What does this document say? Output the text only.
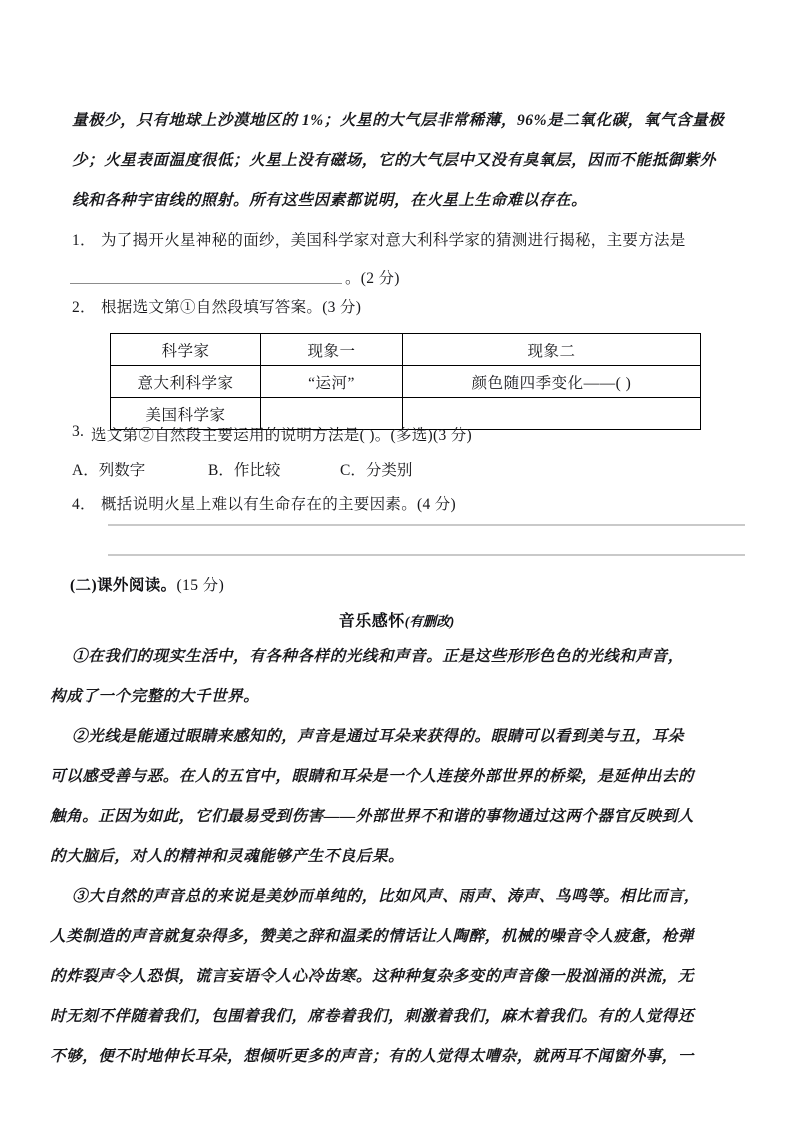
量极少，只有地球上沙漠地区的 1%；火星的大气层非常稀薄，96%是二氧化碳，氧气含量极
少；火星表面温度很低；火星上没有磁场，它的大气层中又没有臭氧层，因而不能抵御紫外
线和各种宇宙线的照射。所有这些因素都说明，在火星上生命难以存在。
1． 为了揭开火星神秘的面纱，美国科学家对意大利科学家的猜测进行揭秘，主要方法是
。(2 分)
2． 根据选文第①自然段填写答案。(3 分)
科学家	现象一	现象二
意大利科学家	“运河”	颜色随四季变化——( )
美国科学家		
3. 选文第②自然段主要运用的说明方法是( )。(多选)(3 分)
A．列数字	B．作比较	C．分类别
4． 概括说明火星上难以有生命存在的主要因素。(4 分)
(二)课外阅读。(15 分)
音乐感怀(有删改)
①在我们的现实生活中，有各种各样的光线和声音。正是这些形形色色的光线和声音，
构成了一个完整的大千世界。
②光线是能通过眼睛来感知的，声音是通过耳朵来获得的。眼睛可以看到美与丑，耳朵
可以感受善与恶。在人的五官中，眼睛和耳朵是一个人连接外部世界的桥梁，是延伸出去的
触角。正因为如此，它们最易受到伤害——外部世界不和谐的事物通过这两个器官反映到人
的大脑后，对人的精神和灵魂能够产生不良后果。
③大自然的声音总的来说是美妙而单纯的，比如风声、雨声、涛声、鸟鸣等。相比而言，
人类制造的声音就复杂得多，赞美之辞和温柔的情话让人陶醉，机械的噪音令人疲惫，枪弹
的炸裂声令人恐惧，谎言妄语令人心冷齿寒。这种种复杂多变的声音像一股汹涌的洪流，无
时无刻不伴随着我们，包围着我们，席卷着我们，刺激着我们，麻木着我们。有的人觉得还
不够，便不时地伸长耳朵，想倾听更多的声音；有的人觉得太嘈杂，就两耳不闻窗外事，一
